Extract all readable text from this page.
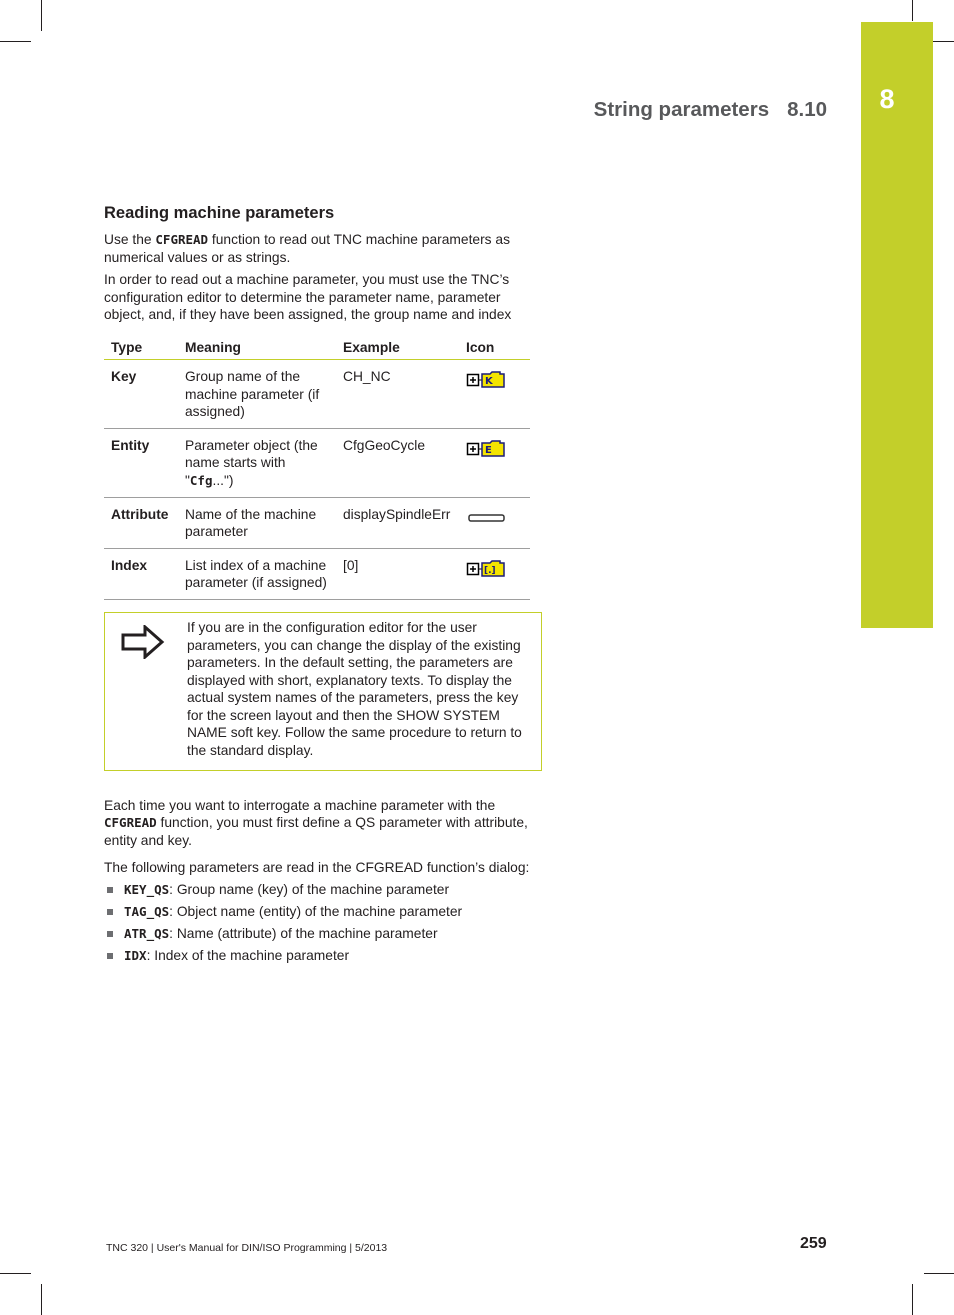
8
String parameters 8.10
Reading machine parameters

Use the CFGREAD function to read out TNC machine parameters as numerical values or as strings.

In order to read out a machine parameter, you must use the TNC’s configuration editor to determine the parameter name, parameter object, and, if they have been assigned, the group name and index

Type	Meaning	Example	Icon
Key	Group name of the machine parameter (if assigned)	CH_NC	K

Entity	Parameter object (the name starts with "Cfg...")	CfgGeoCycle	E

Attribute	Name of the machine parameter	displaySpindleErr	
Index	List index of a machine parameter (if assigned)	[0]	[.]

If you are in the configuration editor for the user parameters, you can change the display of the existing parameters. In the default setting, the parameters are displayed with short, explanatory texts. To display the actual system names of the parameters, press the key for the screen layout and then the SHOW SYSTEM NAME soft key. Follow the same procedure to return to the standard display.

Each time you want to interrogate a machine parameter with the CFGREAD function, you must first define a QS parameter with attribute, entity and key.

The following parameters are read in the CFGREAD function’s dialog:

KEY_QS: Group name (key) of the machine parameter
TAG_QS: Object name (entity) of the machine parameter
ATR_QS: Name (attribute) of the machine parameter
IDX: Index of the machine parameter
TNC 320 | User's Manual for DIN/ISO Programming | 5/2013	259
